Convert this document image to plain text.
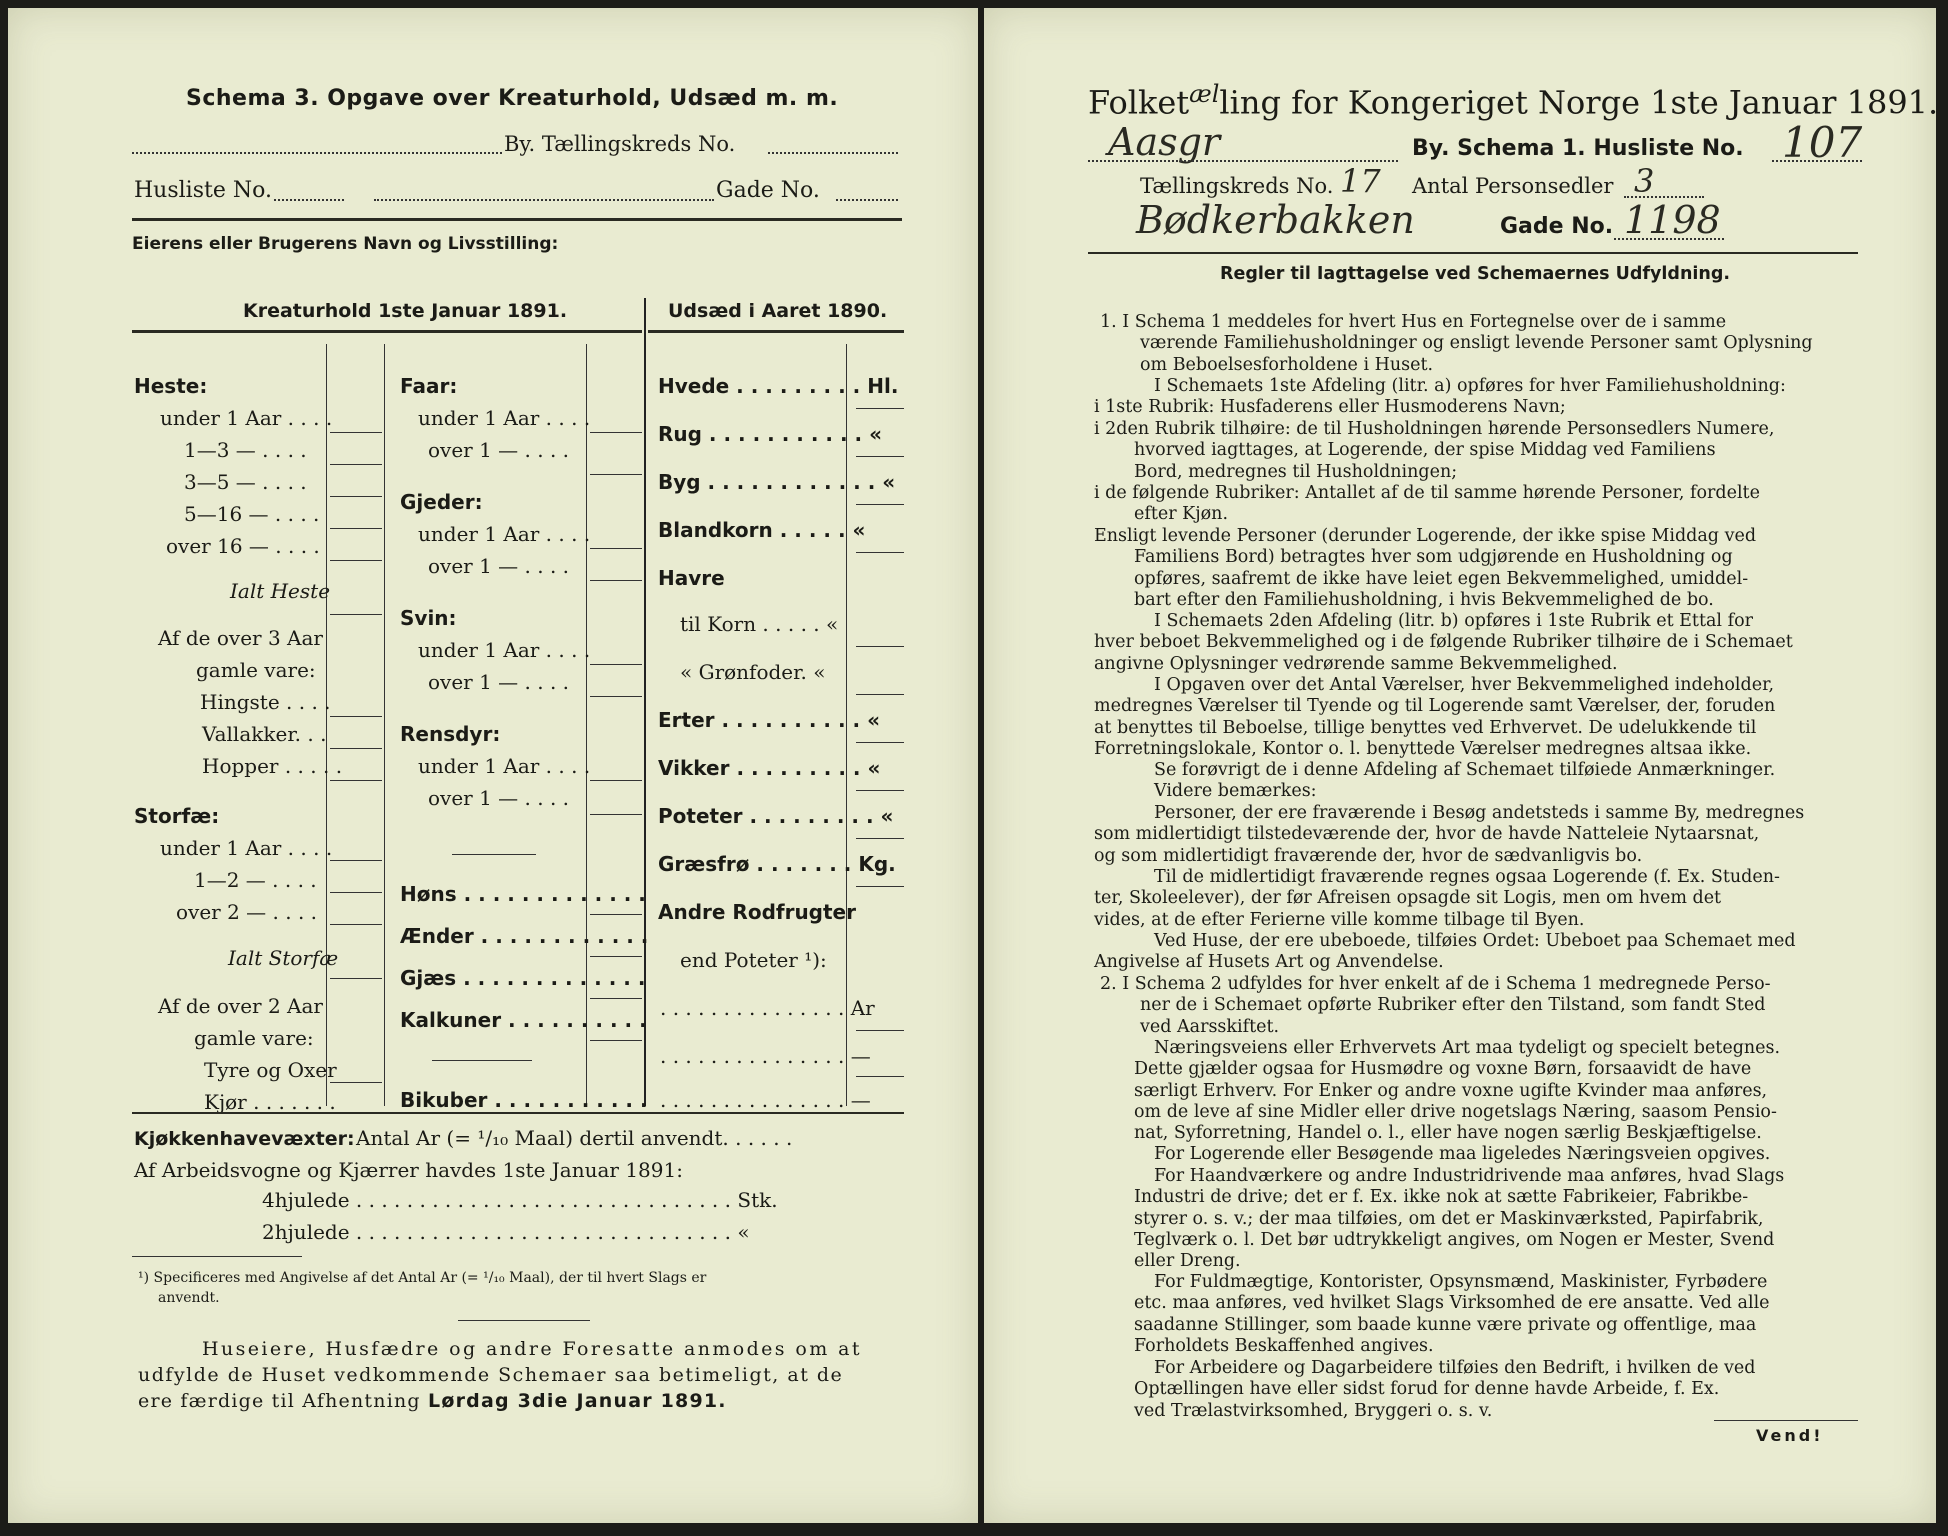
Schema 3. Opgave over Kreaturhold, Udsæd m. m.
By. Tællingskreds No.
Husliste No.	Gade No.
Eierens eller Brugerens Navn og Livsstilling:
Kreaturhold 1ste Januar 1891.	Udsæd i Aaret 1890.
Heste:
under 1 Aar . . . .
1—3 — . . . .
3—5 — . . . .
5—16 — . . . .
over 16 — . . . .
Ialt Heste
Af de over 3 Aar
gamle vare:
Hingste . . . .
Vallakker. . .
Hopper . . . . .
Storfæ:
under 1 Aar . . . .
1—2 — . . . .
over 2 — . . . .
Ialt Storfæ
Af de over 2 Aar
gamle vare:
Tyre og Oxer
Kjør . . . . . . .
Faar:
under 1 Aar . . . .
over 1 — . . . .
Gjeder:
under 1 Aar . . . .
over 1 — . . . .
Svin:
under 1 Aar . . . .
over 1 — . . . .
Rensdyr:
under 1 Aar . . . .
over 1 — . . . .
Høns . . . . . . . . . . . . .
Ænder . . . . . . . . . . . .
Gjæs . . . . . . . . . . . . .
Kalkuner . . . . . . . . . .
Bikuber . . . . . . . . . . .
Hvede . . . . . . . . . Hl.
Rug . . . . . . . . . . . «
Byg . . . . . . . . . . . . «
Blandkorn . . . . . «
Havre
til Korn . . . . . «
« Grønfoder. «
Erter . . . . . . . . . . «
Vikker . . . . . . . . . «
Poteter . . . . . . . . . «
Græsfrø . . . . . . . Kg.
Andre Rodfrugter
end Poteter ¹):
. . . . . . . . . . . . . . . Ar
. . . . . . . . . . . . . . . —
. . . . . . . . . . . . . . . —
Kjøkkenhavevæxter: Antal Ar (= ¹/₁₀ Maal) dertil anvendt. . . . . .
Af Arbeidsvogne og Kjærrer havdes 1ste Januar 1891:
4hjulede . . . . . . . . . . . . . . . . . . . . . . . . . . . . . . Stk.
2hjulede . . . . . . . . . . . . . . . . . . . . . . . . . . . . . . «
¹) Specificeres med Angivelse af det Antal Ar (= ¹/₁₀ Maal), der til hvert Slags er
anvendt.
Huseiere, Husfædre og andre Foresatte anmodes om at
udfylde de Huset vedkommende Schemaer saa betimeligt, at de
ere færdige til Afhentning Lørdag 3die Januar 1891.
Folket$^{æl}$ling for Kongeriget Norge 1ste Januar 1891.
Aasgr	By. Schema 1. Husliste No. 107
Tællingskreds No. 17 Antal Personsedler 3
Bødkerbakken	Gade No. 1198
Regler til Iagttagelse ved Schemaernes Udfyldning.
1. I Schema 1 meddeles for hvert Hus en Fortegnelse over de i samme
værende Familiehusholdninger og ensligt levende Personer samt Oplysning
om Beboelsesforholdene i Huset.
I Schemaets 1ste Afdeling (litr. a) opføres for hver Familiehusholdning:
i 1ste Rubrik: Husfaderens eller Husmoderens Navn;
i 2den Rubrik tilhøire: de til Husholdningen hørende Personsedlers Numere,
hvorved iagttages, at Logerende, der spise Middag ved Familiens
Bord, medregnes til Husholdningen;
i de følgende Rubriker: Antallet af de til samme hørende Personer, fordelte
efter Kjøn.
Ensligt levende Personer (derunder Logerende, der ikke spise Middag ved
Familiens Bord) betragtes hver som udgjørende en Husholdning og
opføres, saafremt de ikke have leiet egen Bekvemmelighed, umiddel-
bart efter den Familiehusholdning, i hvis Bekvemmelighed de bo.
I Schemaets 2den Afdeling (litr. b) opføres i 1ste Rubrik et Ettal for
hver beboet Bekvemmelighed og i de følgende Rubriker tilhøire de i Schemaet
angivne Oplysninger vedrørende samme Bekvemmelighed.
I Opgaven over det Antal Værelser, hver Bekvemmelighed indeholder,
medregnes Værelser til Tyende og til Logerende samt Værelser, der, foruden
at benyttes til Beboelse, tillige benyttes ved Erhvervet. De udelukkende til
Forretningslokale, Kontor o. l. benyttede Værelser medregnes altsaa ikke.
Se forøvrigt de i denne Afdeling af Schemaet tilføiede Anmærkninger.
Videre bemærkes:
Personer, der ere fraværende i Besøg andetsteds i samme By, medregnes
som midlertidigt tilstedeværende der, hvor de havde Natteleie Nytaarsnat,
og som midlertidigt fraværende der, hvor de sædvanligvis bo.
Til de midlertidigt fraværende regnes ogsaa Logerende (f. Ex. Studen-
ter, Skoleelever), der før Afreisen opsagde sit Logis, men om hvem det
vides, at de efter Ferierne ville komme tilbage til Byen.
Ved Huse, der ere ubeboede, tilføies Ordet: Ubeboet paa Schemaet med
Angivelse af Husets Art og Anvendelse.
2. I Schema 2 udfyldes for hver enkelt af de i Schema 1 medregnede Perso-
ner de i Schemaet opførte Rubriker efter den Tilstand, som fandt Sted
ved Aarsskiftet.
Næringsveiens eller Erhvervets Art maa tydeligt og specielt betegnes.
Dette gjælder ogsaa for Husmødre og voxne Børn, forsaavidt de have
særligt Erhverv. For Enker og andre voxne ugifte Kvinder maa anføres,
om de leve af sine Midler eller drive nogetslags Næring, saasom Pensio-
nat, Syforretning, Handel o. l., eller have nogen særlig Beskjæftigelse.
For Logerende eller Besøgende maa ligeledes Næringsveien opgives.
For Haandværkere og andre Industridrivende maa anføres, hvad Slags
Industri de drive; det er f. Ex. ikke nok at sætte Fabrikeier, Fabrikbe-
styrer o. s. v.; der maa tilføies, om det er Maskinværksted, Papirfabrik,
Teglværk o. l. Det bør udtrykkeligt angives, om Nogen er Mester, Svend
eller Dreng.
For Fuldmægtige, Kontorister, Opsynsmænd, Maskinister, Fyrbødere
etc. maa anføres, ved hvilket Slags Virksomhed de ere ansatte. Ved alle
saadanne Stillinger, som baade kunne være private og offentlige, maa
Forholdets Beskaffenhed angives.
For Arbeidere og Dagarbeidere tilføies den Bedrift, i hvilken de ved
Optællingen have eller sidst forud for denne havde Arbeide, f. Ex.
ved Trælastvirksomhed, Bryggeri o. s. v.
Vend!
